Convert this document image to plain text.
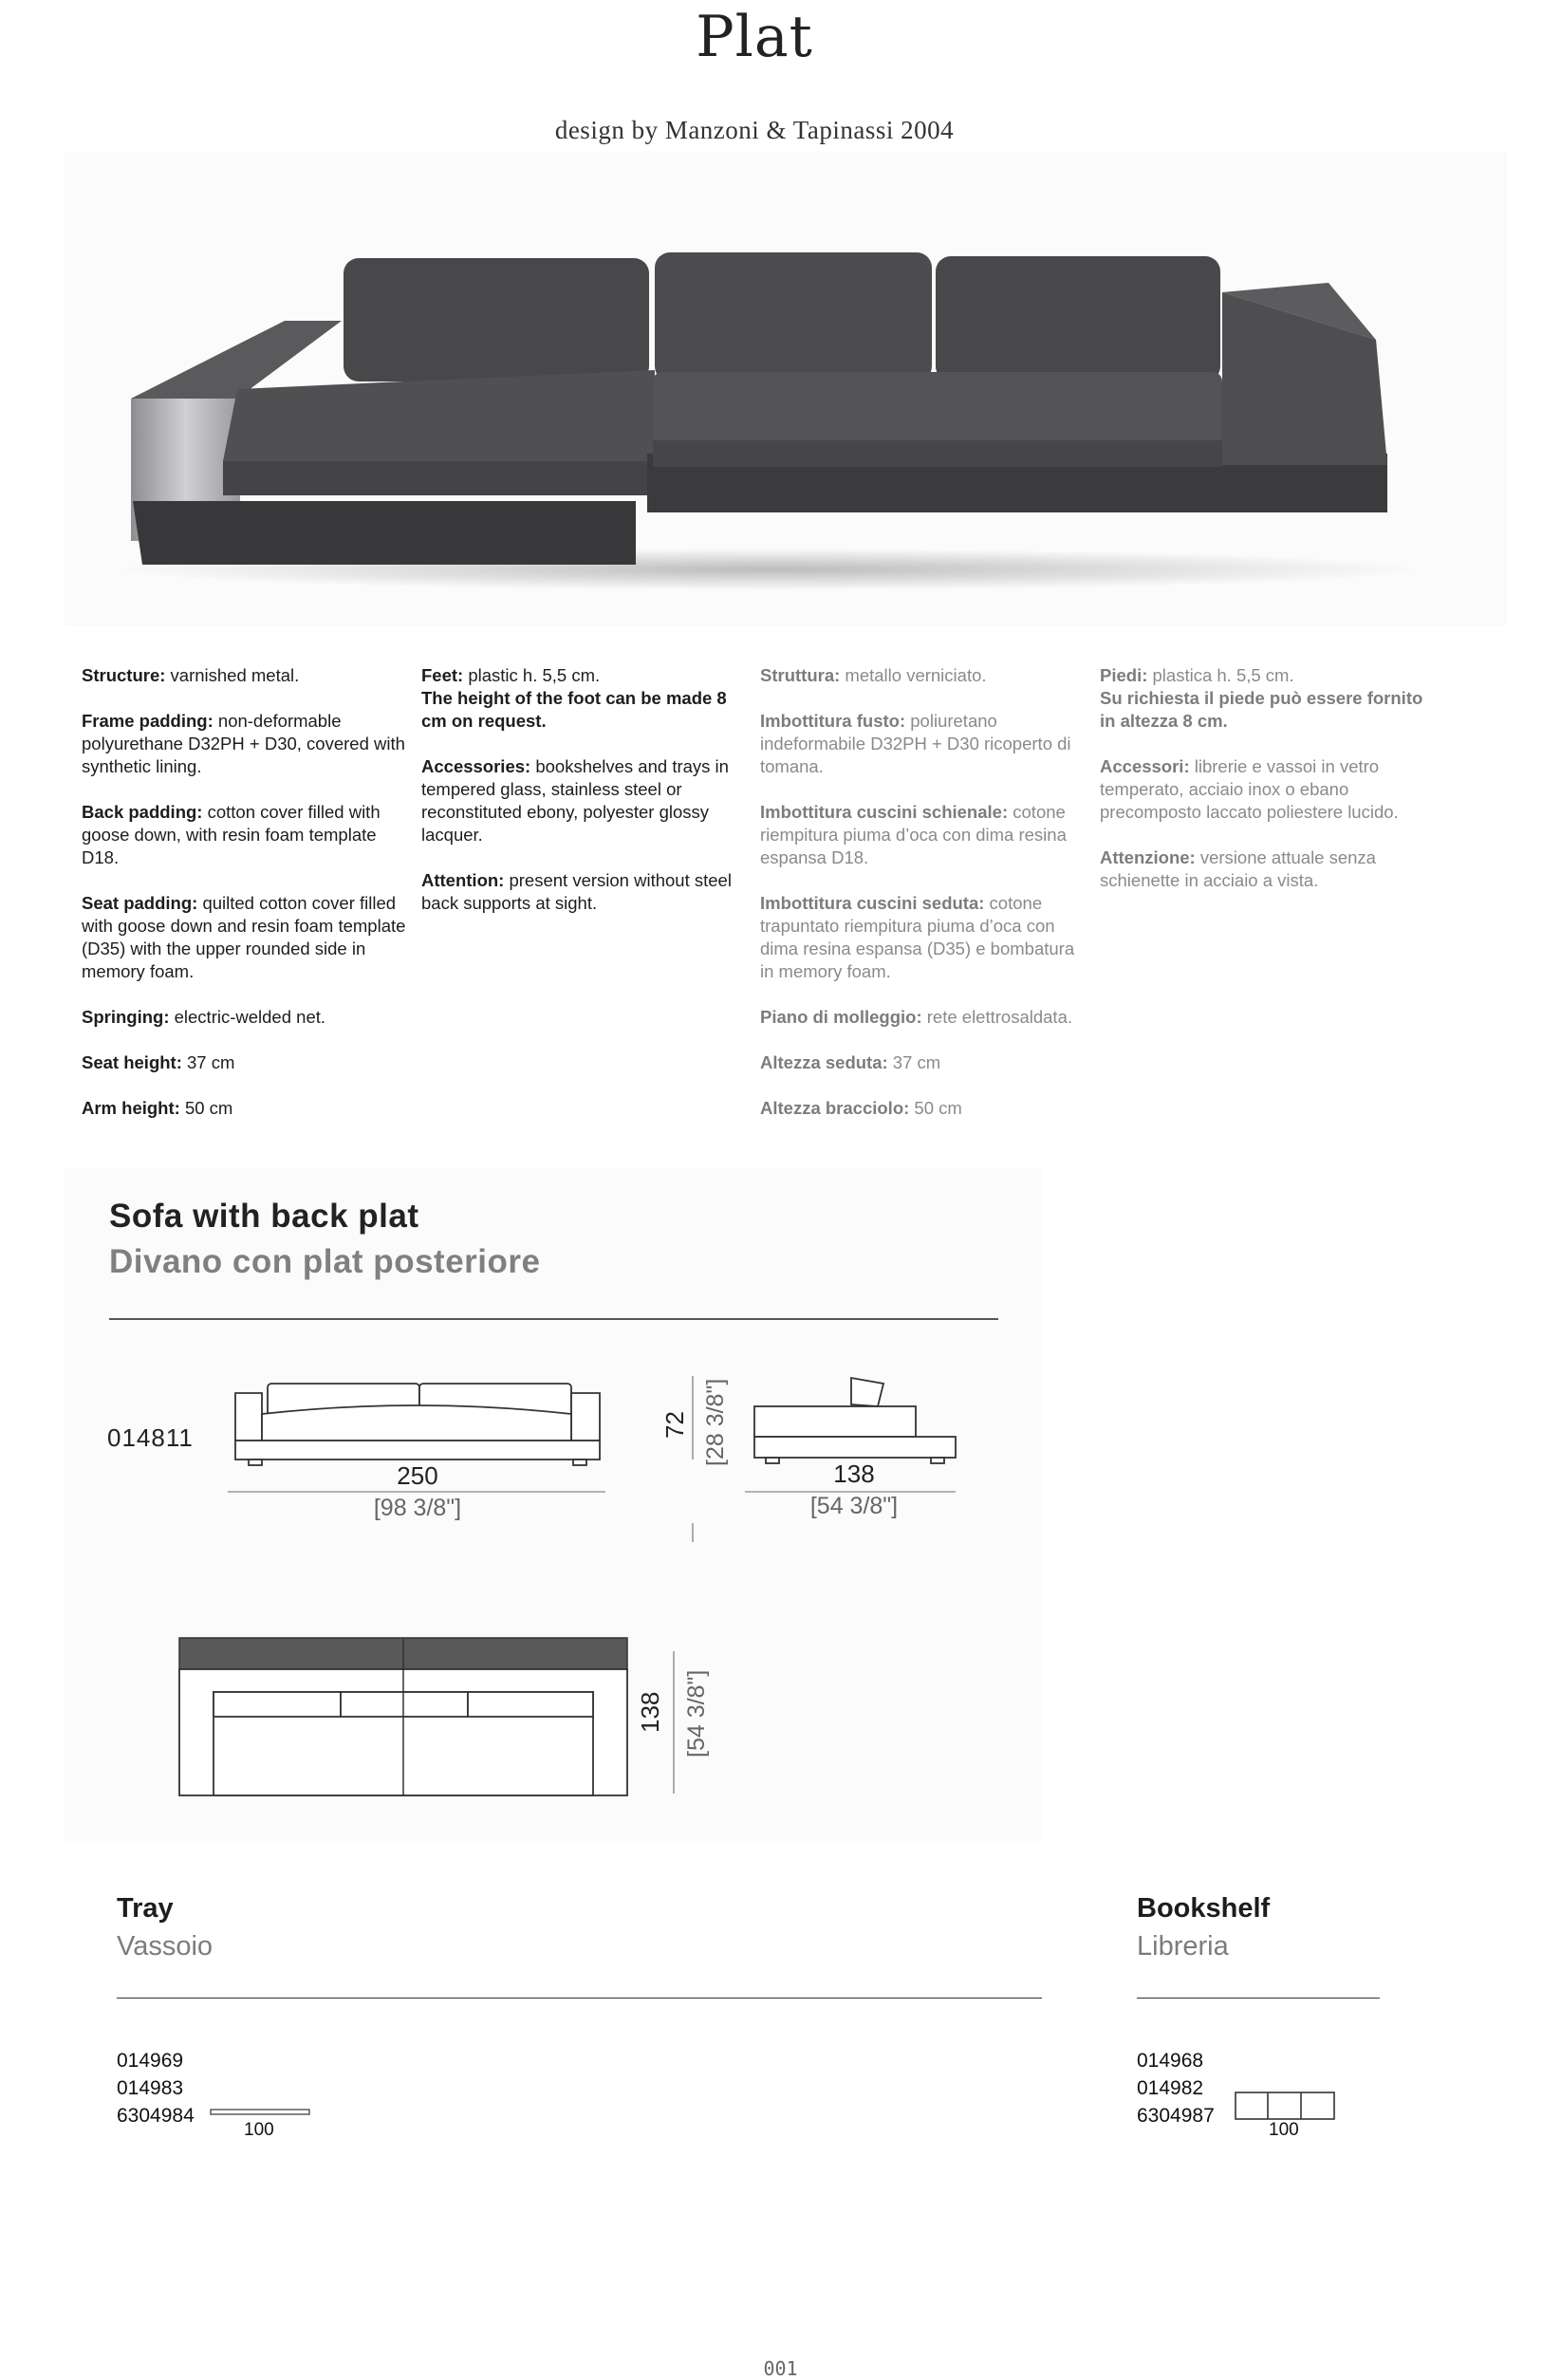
Plat
design by Manzoni & Tapinassi 2004

Structure: varnished metal.

Frame padding: non-deformable polyurethane D32PH + D30, covered with synthetic lining.

Back padding: cotton cover filled with goose down, with resin foam template D18.

Seat padding: quilted cotton cover filled with goose down and resin foam template (D35) with the upper rounded side in memory foam.

Springing: electric-welded net.

Seat height: 37 cm

Arm height: 50 cm

Feet: plastic h. 5,5 cm.
The height of the foot can be made 8 cm on request.

Accessories: bookshelves and trays in tempered glass, stainless steel or reconstituted ebony, polyester glossy lacquer.

Attention: present version without steel back supports at sight.

Struttura: metallo verniciato.

Imbottitura fusto: poliuretano indeformabile D32PH + D30 ricoperto di tomana.

Imbottitura cuscini schienale: cotone riempitura piuma d’oca con dima resina espansa D18.

Imbottitura cuscini seduta: cotone trapuntato riempitura piuma d’oca con dima resina espansa (D35) e bombatura in memory foam.

Piano di molleggio: rete elettrosaldata.

Altezza seduta: 37 cm

Altezza bracciolo: 50 cm

Piedi: plastica h. 5,5 cm.
Su richiesta il piede può essere fornito in altezza 8 cm.

Accessori: librerie e vassoi in vetro temperato, acciaio inox o ebano precomposto laccato poliestere lucido.

Attenzione: versione attuale senza schienette in acciaio a vista.

Sofa with back plat
Divano con plat posteriore
014811
250
[98 3/8"]
72 [28 3/8"]
138
[54 3/8"]
138 [54 3/8"]
Tray
Vassoio
014969
014983
6304984
100
Bookshelf
Libreria
014968
014982
6304987
100
001
